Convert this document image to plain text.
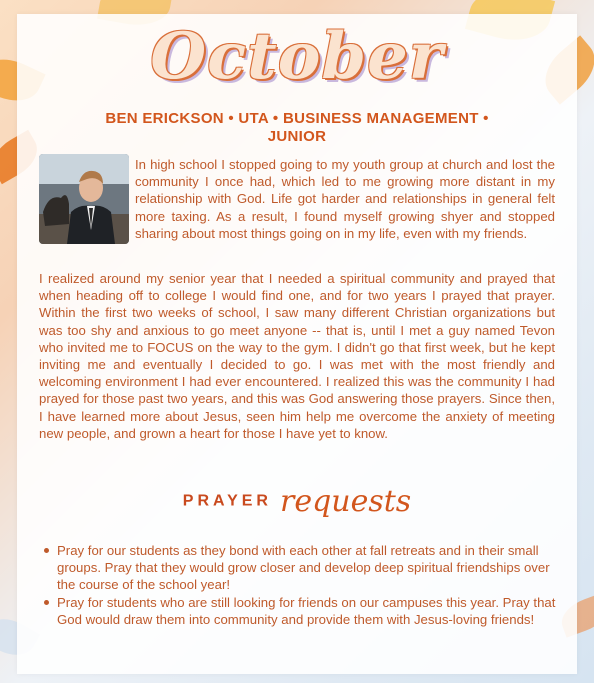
October
BEN ERICKSON • UTA • BUSINESS MANAGEMENT • JUNIOR

In high school I stopped going to my youth group at church and lost the community I once had, which led to me growing more distant in my relationship with God. Life got harder and relationships in general felt more taxing. As a result, I found myself growing shyer and stopped sharing about most things going on in my life, even with my friends.

I realized around my senior year that I needed a spiritual community and prayed that when heading off to college I would find one, and for two years I prayed that prayer. Within the first two weeks of school, I saw many different Christian organizations but was too shy and anxious to go meet anyone -- that is, until I met a guy named Tevon who invited me to FOCUS on the way to the gym. I didn't go that first week, but he kept inviting me and eventually I decided to go. I was met with the most friendly and welcoming environment I had ever encountered. I realized this was the community I had prayed for those past two years, and this was God answering those prayers. Since then, I have learned more about Jesus, seen him help me overcome the anxiety of meeting new people, and grown a heart for those I have yet to know.

PRAYER requests
Pray for our students as they bond with each other at fall retreats and in their small groups. Pray that they would grow closer and develop deep spiritual friendships over the course of the school year!
Pray for students who are still looking for friends on our campuses this year. Pray that God would draw them into community and provide them with Jesus-loving friends!
